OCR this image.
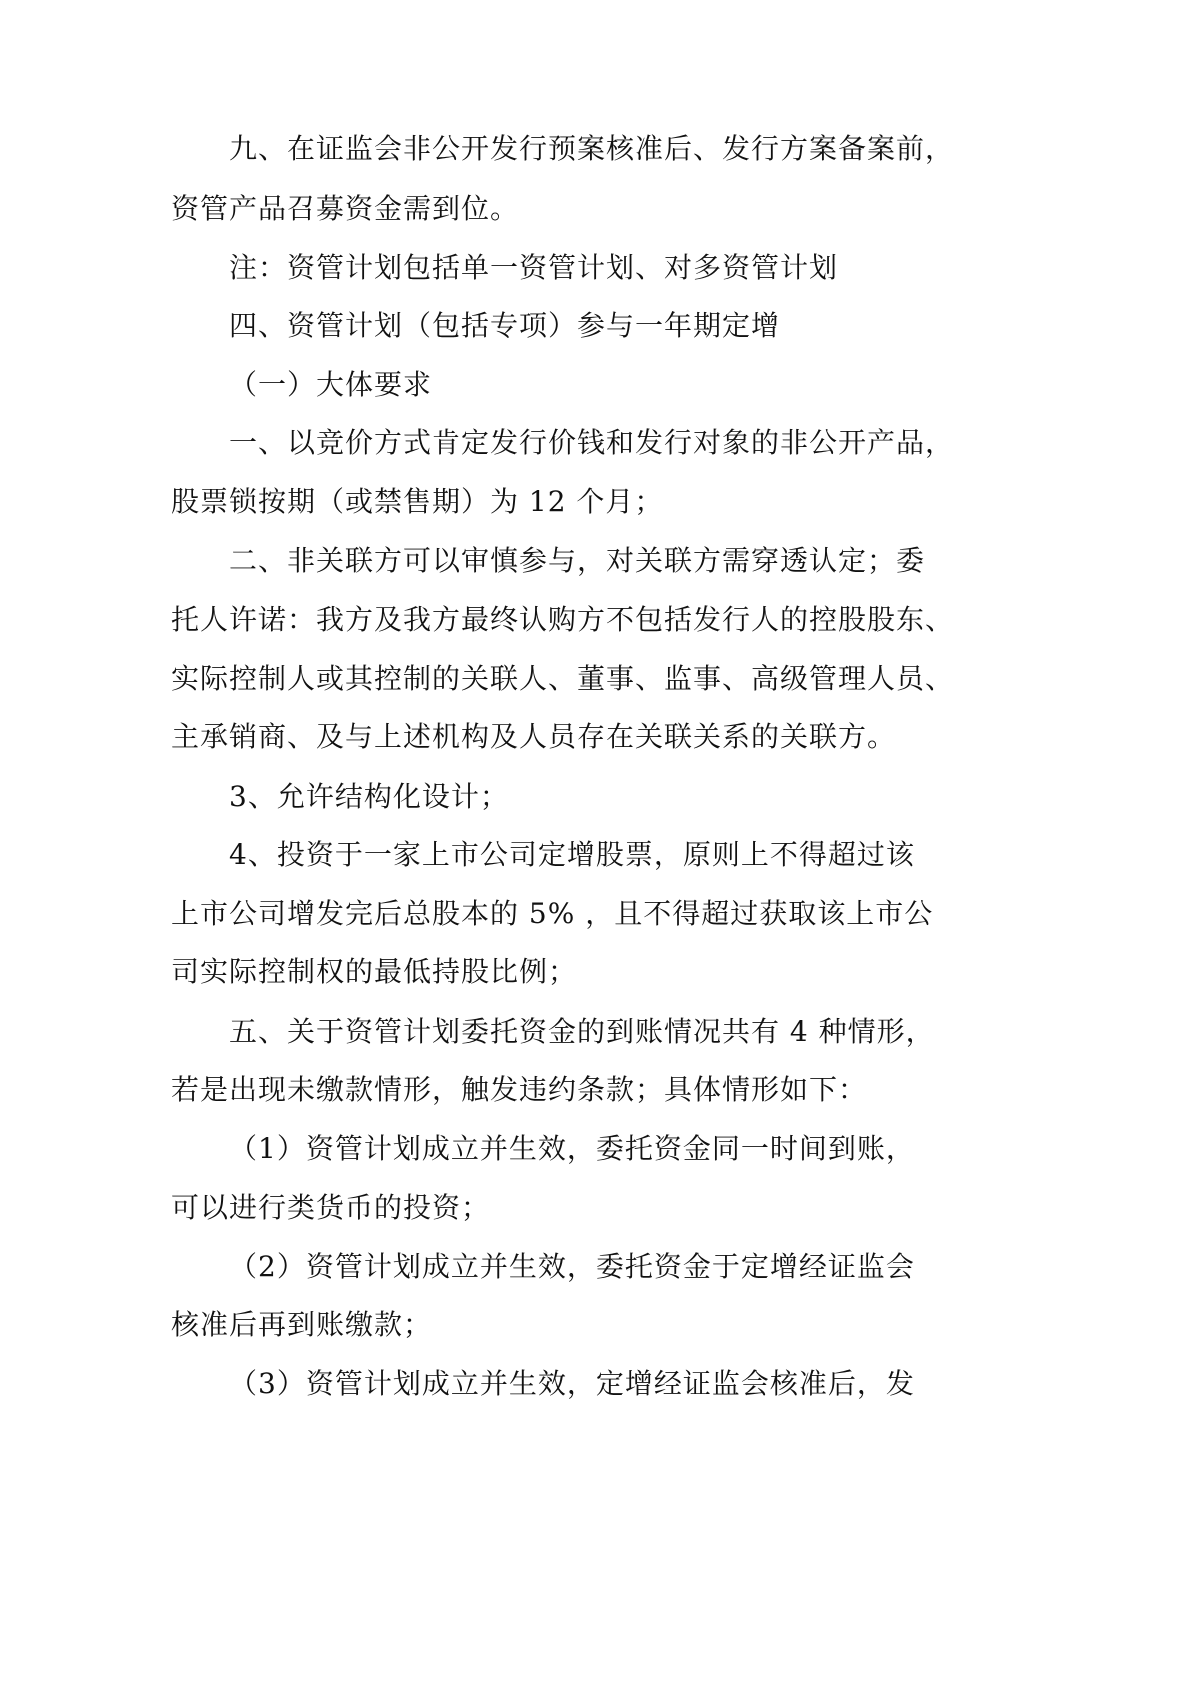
九、在证监会非公开发行预案核准后、发行方案备案前，
资管产品召募资金需到位。
注：资管计划包括单一资管计划、对多资管计划
四、资管计划（包括专项）参与一年期定增
（一）大体要求
一、以竞价方式肯定发行价钱和发行对象的非公开产品，
股票锁按期（或禁售期）为 12 个月；
二、非关联方可以审慎参与，对关联方需穿透认定；委
托人许诺：我方及我方最终认购方不包括发行人的控股股东、
实际控制人或其控制的关联人、董事、监事、高级管理人员、
主承销商、及与上述机构及人员存在关联关系的关联方。
3、允许结构化设计；
4、投资于一家上市公司定增股票，原则上不得超过该
上市公司增发完后总股本的 5% ，且不得超过获取该上市公
司实际控制权的最低持股比例；
五、关于资管计划委托资金的到账情况共有 4 种情形，
若是出现未缴款情形，触发违约条款；具体情形如下：
（1）资管计划成立并生效，委托资金同一时间到账，
可以进行类货币的投资；
（2）资管计划成立并生效，委托资金于定增经证监会
核准后再到账缴款；
（3）资管计划成立并生效，定增经证监会核准后，发
